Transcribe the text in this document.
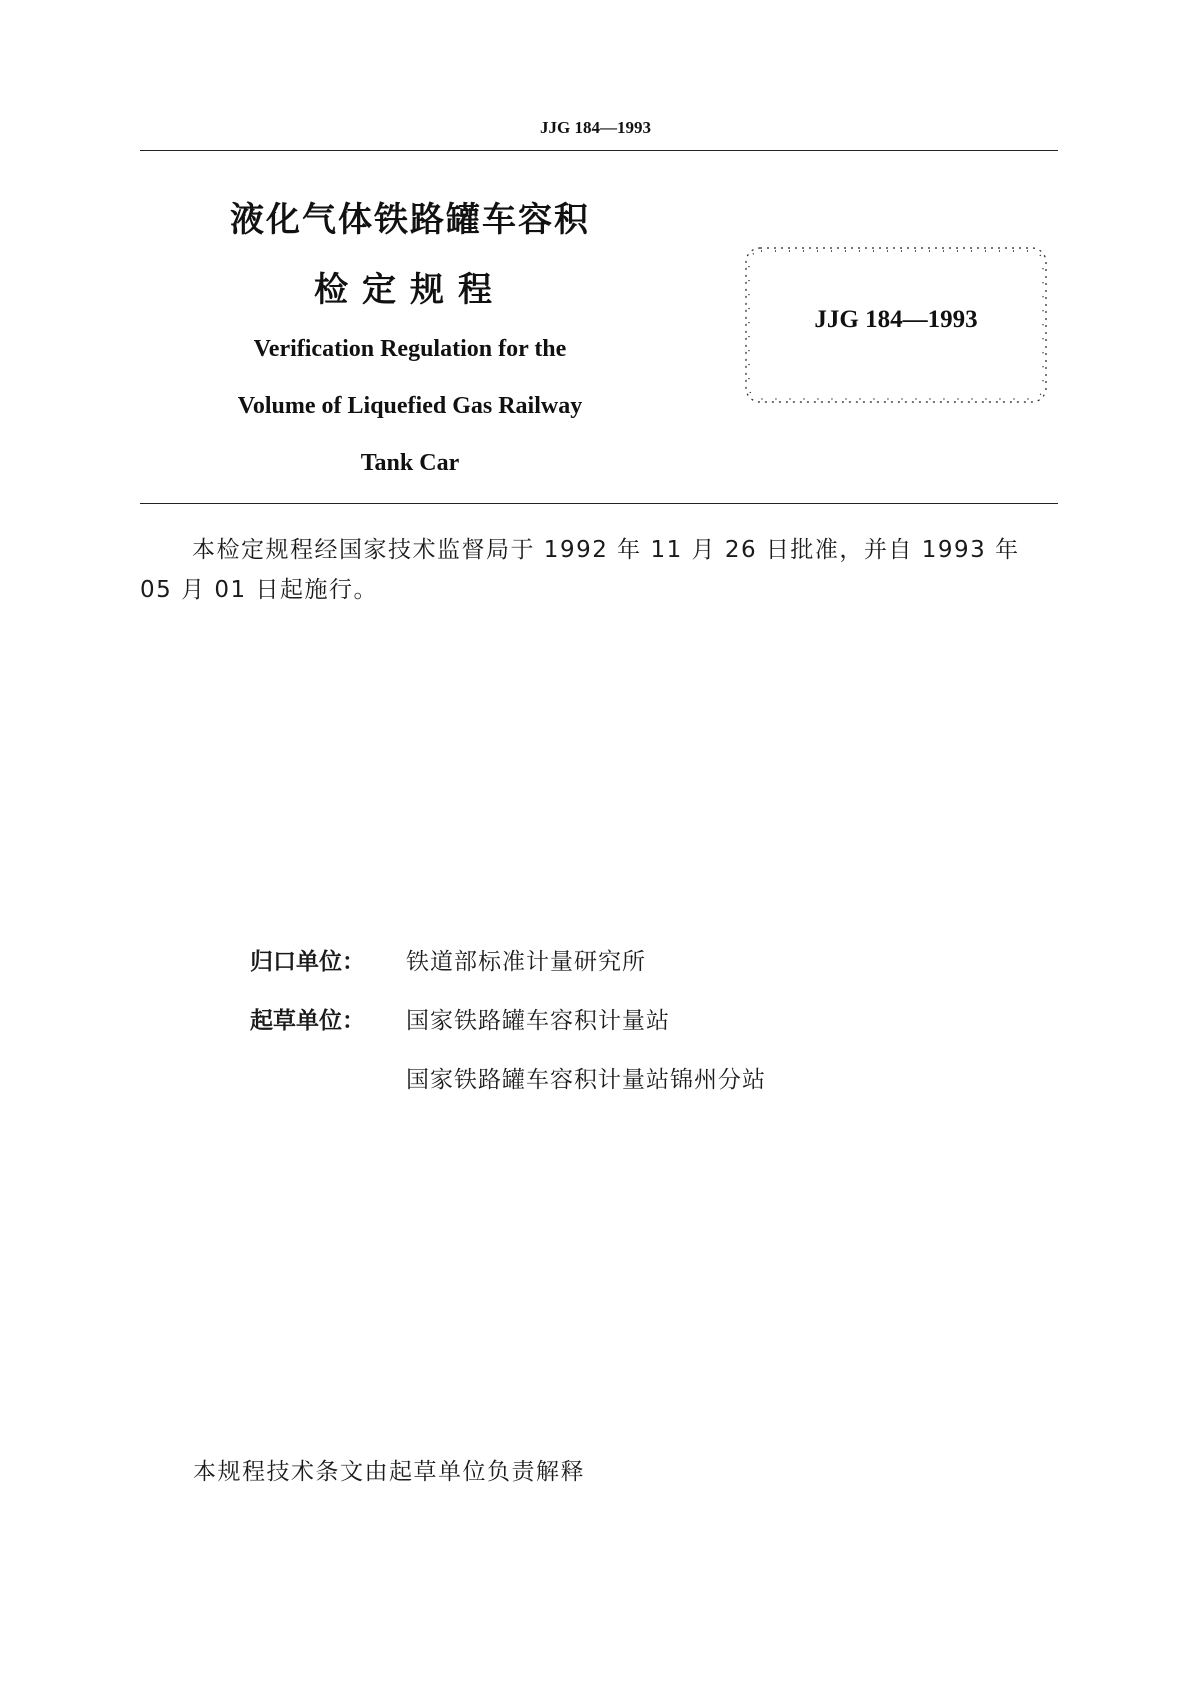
JJG 184—1993
液化气体铁路罐车容积
检定规程
Verification Regulation for the
Volume of Liquefied Gas Railway
Tank Car
JJG 184—1993
本检定规程经国家技术监督局于 1992 年 11 月 26 日批准，并自 1993 年 05 月 01 日起施行。
归口单位： 铁道部标准计量研究所
起草单位： 国家铁路罐车容积计量站
国家铁路罐车容积计量站锦州分站
本规程技术条文由起草单位负责解释
